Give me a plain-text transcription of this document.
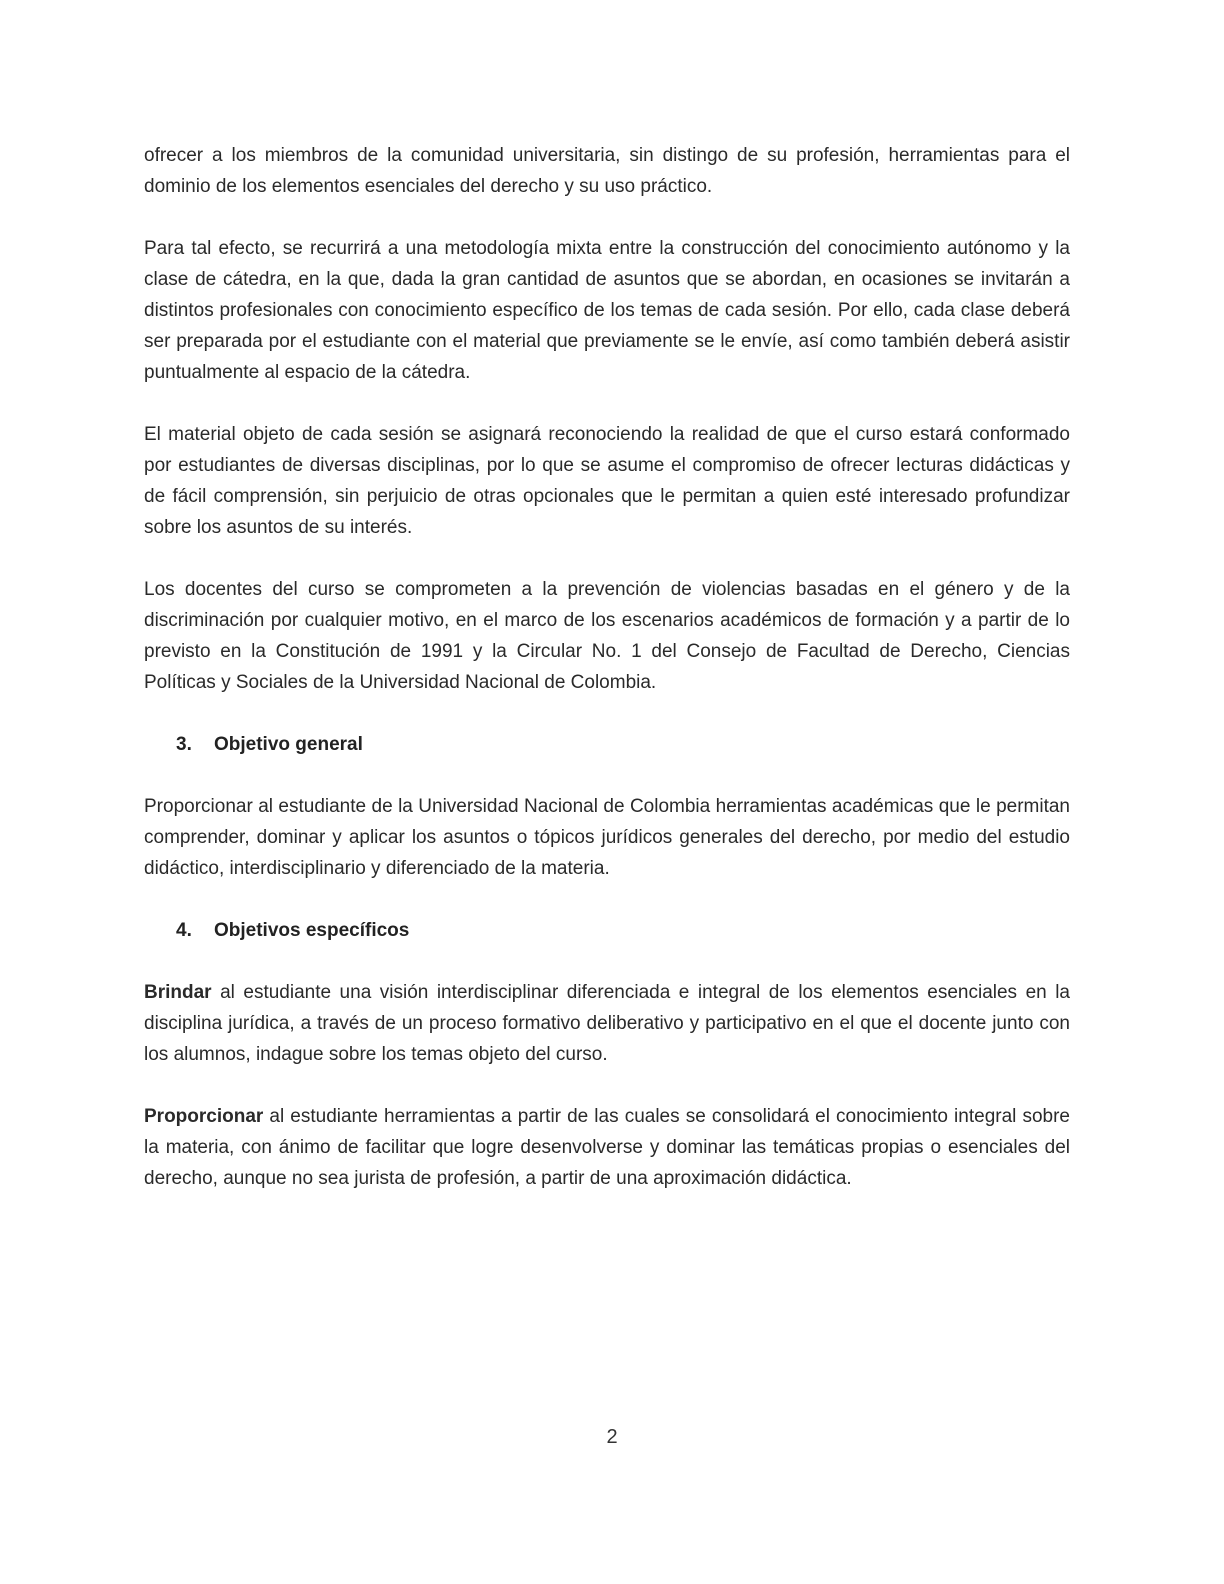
ofrecer a los miembros de la comunidad universitaria, sin distingo de su profesión, herramientas para el dominio de los elementos esenciales del derecho y su uso práctico.

Para tal efecto, se recurrirá a una metodología mixta entre la construcción del conocimiento autónomo y la clase de cátedra, en la que, dada la gran cantidad de asuntos que se abordan, en ocasiones se invitarán a distintos profesionales con conocimiento específico de los temas de cada sesión. Por ello, cada clase deberá ser preparada por el estudiante con el material que previamente se le envíe, así como también deberá asistir puntualmente al espacio de la cátedra.

El material objeto de cada sesión se asignará reconociendo la realidad de que el curso estará conformado por estudiantes de diversas disciplinas, por lo que se asume el compromiso de ofrecer lecturas didácticas y de fácil comprensión, sin perjuicio de otras opcionales que le permitan a quien esté interesado profundizar sobre los asuntos de su interés.

Los docentes del curso se comprometen a la prevención de violencias basadas en el género y de la discriminación por cualquier motivo, en el marco de los escenarios académicos de formación y a partir de lo previsto en la Constitución de 1991 y la Circular No. 1 del Consejo de Facultad de Derecho, Ciencias Políticas y Sociales de la Universidad Nacional de Colombia.

3. Objetivo general

Proporcionar al estudiante de la Universidad Nacional de Colombia herramientas académicas que le permitan comprender, dominar y aplicar los asuntos o tópicos jurídicos generales del derecho, por medio del estudio didáctico, interdisciplinario y diferenciado de la materia.

4. Objetivos específicos

Brindar al estudiante una visión interdisciplinar diferenciada e integral de los elementos esenciales en la disciplina jurídica, a través de un proceso formativo deliberativo y participativo en el que el docente junto con los alumnos, indague sobre los temas objeto del curso.

Proporcionar al estudiante herramientas a partir de las cuales se consolidará el conocimiento integral sobre la materia, con ánimo de facilitar que logre desenvolverse y dominar las temáticas propias o esenciales del derecho, aunque no sea jurista de profesión, a partir de una aproximación didáctica.

2
